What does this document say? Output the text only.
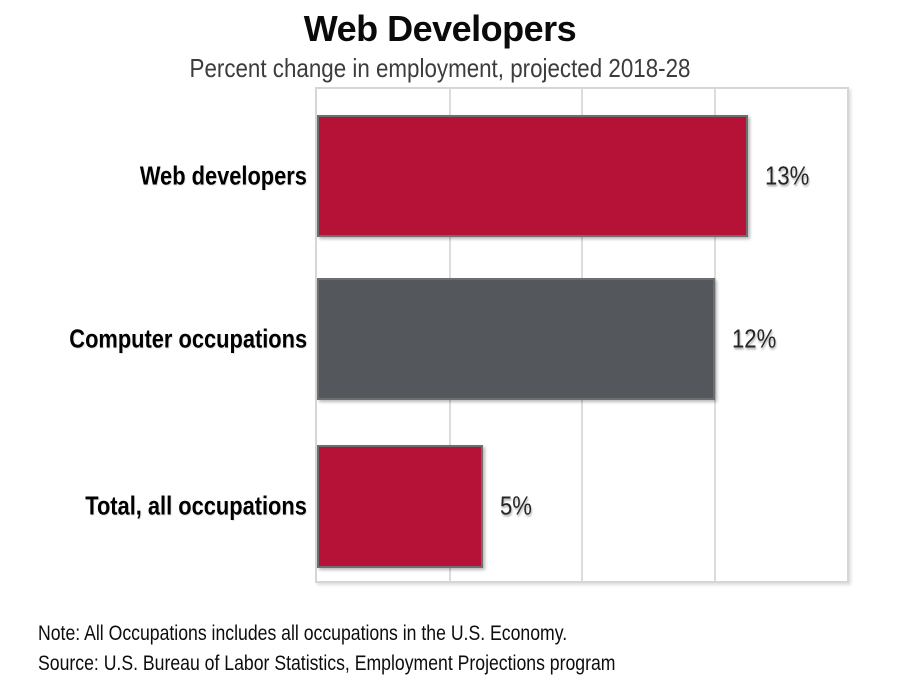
Web Developers
Percent change in employment, projected 2018-28
13%
12%
5%
Web developers
Computer occupations
Total, all occupations
Note: All Occupations includes all occupations in the U.S. Economy.
Source: U.S. Bureau of Labor Statistics, Employment Projections program
